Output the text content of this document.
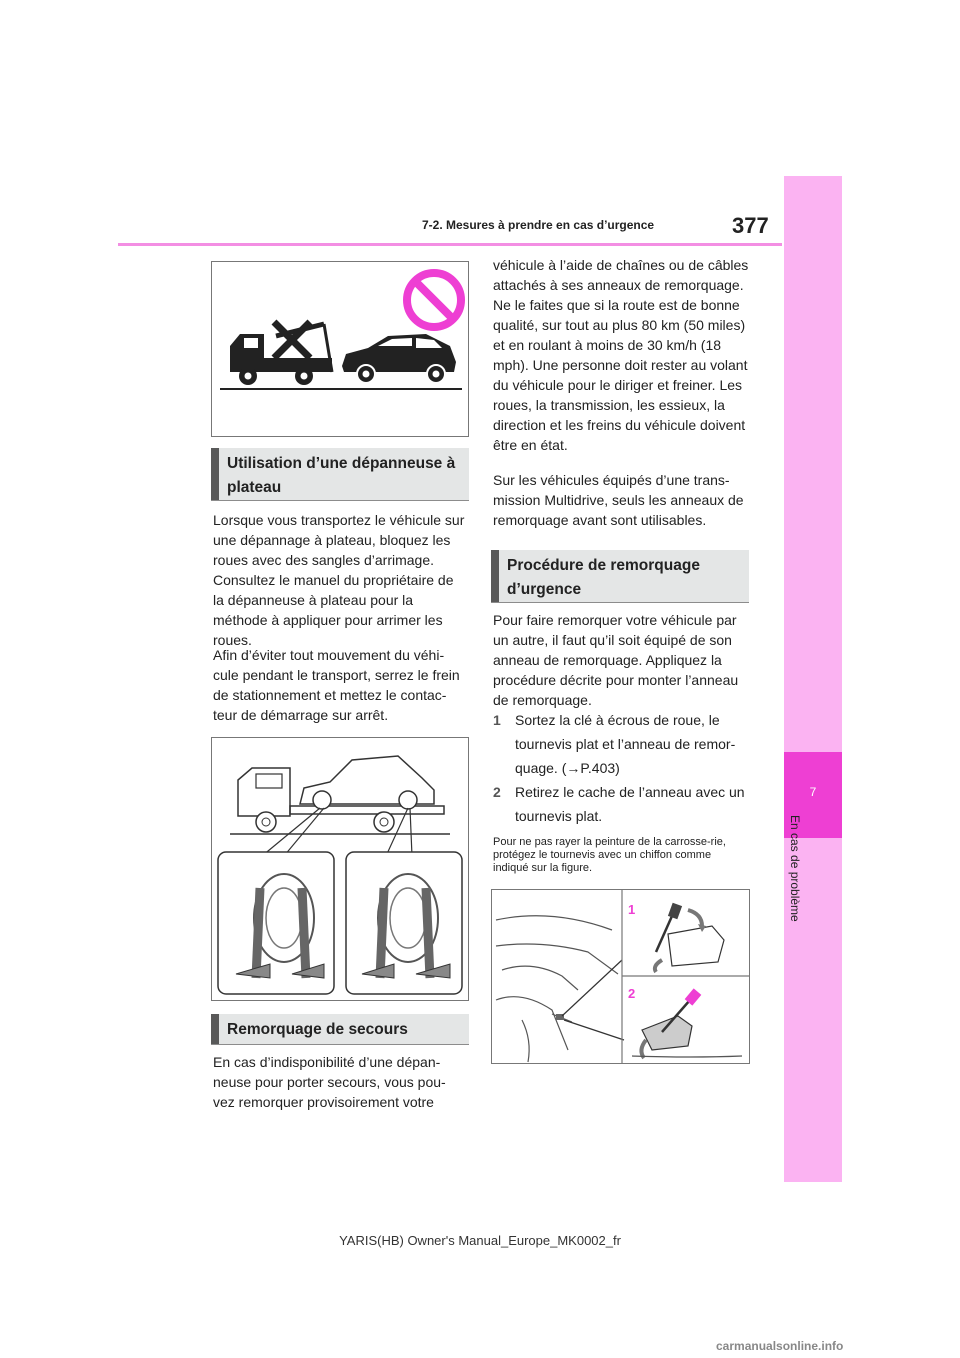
7-2. Mesures à prendre en cas d’urgence	377
7
En cas de problème
Utilisation d’une dépanneuse à plateau
Lorsque vous transportez le véhicule sur une dépannage à plateau, bloquez les roues avec des sangles d’arrimage. Consultez le manuel du propriétaire de la dépanneuse à plateau pour la méthode à appliquer pour arrimer les roues.
Afin d’éviter tout mouvement du véhi-cule pendant le transport, serrez le frein de stationnement et mettez le contac-teur de démarrage sur arrêt.
Remorquage de secours
En cas d’indisponibilité d’une dépan-neuse pour porter secours, vous pou-vez remorquer provisoirement votre
véhicule à l’aide de chaînes ou de câbles attachés à ses anneaux de remorquage. Ne le faites que si la route est de bonne qualité, sur tout au plus 80 km (50 miles) et en roulant à moins de 30 km/h (18 mph). Une personne doit rester au volant du véhicule pour le diriger et freiner. Les roues, la transmission, les essieux, la direction et les freins du véhicule doivent être en état.
Sur les véhicules équipés d’une trans-mission Multidrive, seuls les anneaux de remorquage avant sont utilisables.
Procédure de remorquage d’urgence
Pour faire remorquer votre véhicule par un autre, il faut qu’il soit équipé de son anneau de remorquage. Appliquez la procédure décrite pour monter l’anneau de remorquage.
1 Sortez la clé à écrous de roue, le tournevis plat et l’anneau de remor-quage. (→P.403)
2 Retirez le cache de l’anneau avec un tournevis plat.
Pour ne pas rayer la peinture de la carrosse-rie, protégez le tournevis avec un chiffon comme indiqué sur la figure.
1
2
YARIS(HB) Owner's Manual_Europe_MK0002_fr
carmanualsonline.info
